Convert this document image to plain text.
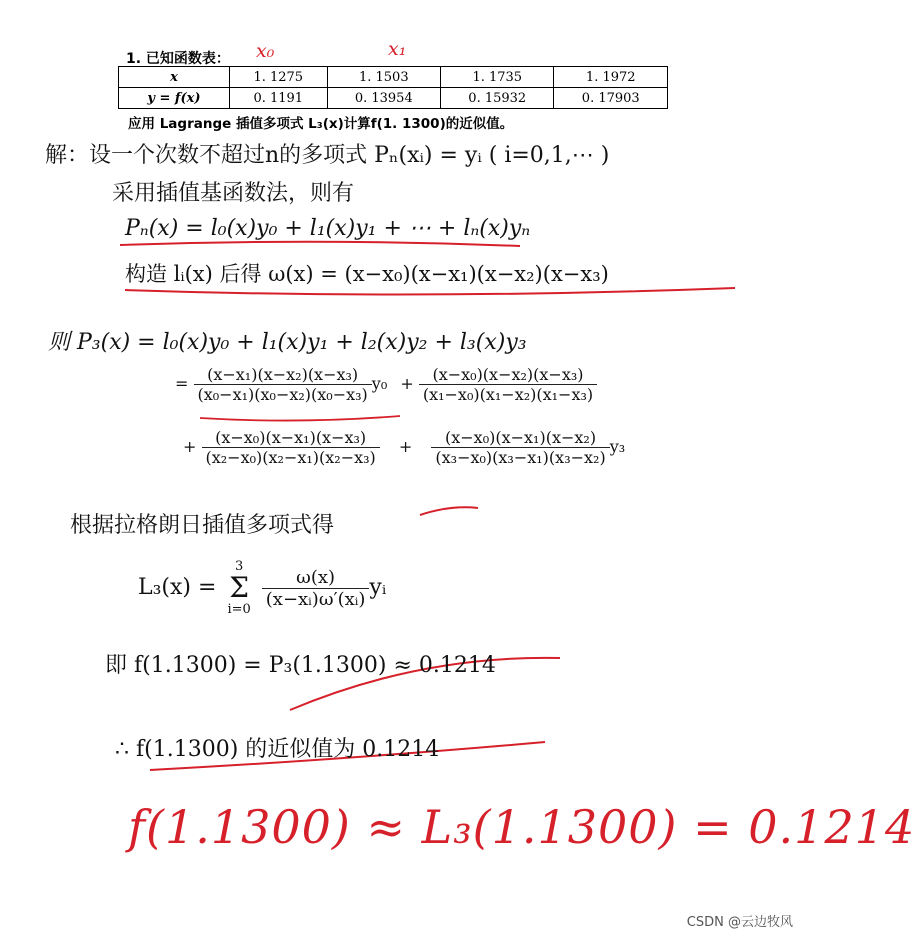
1. 已知函数表： x₀	x₁
x	1. 1275	1. 1503	1. 1735	1. 1972
y = f(x)	0. 1191	0. 13954	0. 15932	0. 17903
应用 Lagrange 插值多项式 L₃(x)计算f(1. 1300)的近似值。
解：设一个次数不超过n的多项式 Pₙ(xᵢ) = yᵢ ( i=0,1,⋯ )
采用插值基函数法，则有
Pₙ(x) = l₀(x)y₀ + l₁(x)y₁ + ⋯ + lₙ(x)yₙ
构造 lᵢ(x) 后得 ω(x) = (x−x₀)(x−x₁)(x−x₂)(x−x₃)
则 P₃(x) = l₀(x)y₀ + l₁(x)y₁ + l₂(x)y₂ + l₃(x)y₃
= $\frac{\text{(x−x₁)(x−x₂)(x−x₃)}}{\text{(x₀−x₁)(x₀−x₂)(x₀−x₃)}} y_0 + \frac{\text{(x−x₀)(x−x₂)(x−x₃)}}{\text{(x₁−x₀)(x₁−x₂)(x₁−x₃)}}$
+ $\frac{\text{(x−x₀)(x−x₁)(x−x₃)}}{\text{(x₂−x₀)(x₂−x₁)(x₂−x₃)}} + \frac{\text{(x−x₀)(x−x₁)(x−x₂)}}{\text{(x₃−x₀)(x₃−x₁)(x₃−x₂)}} y_3$
根据拉格朗日插值多项式得
L₃(x) =
3
Σ
i=0
$\frac{\omega(x)}{\text{(x−xᵢ)ω′(xᵢ)}}$ yᵢ
即 f(1.1300) = P₃(1.1300) ≈ 0.1214
∴ f(1.1300) 的近似值为 0.1214
f(1.1300) ≈ L₃(1.1300) = 0.1214
CSDN @云边牧风
